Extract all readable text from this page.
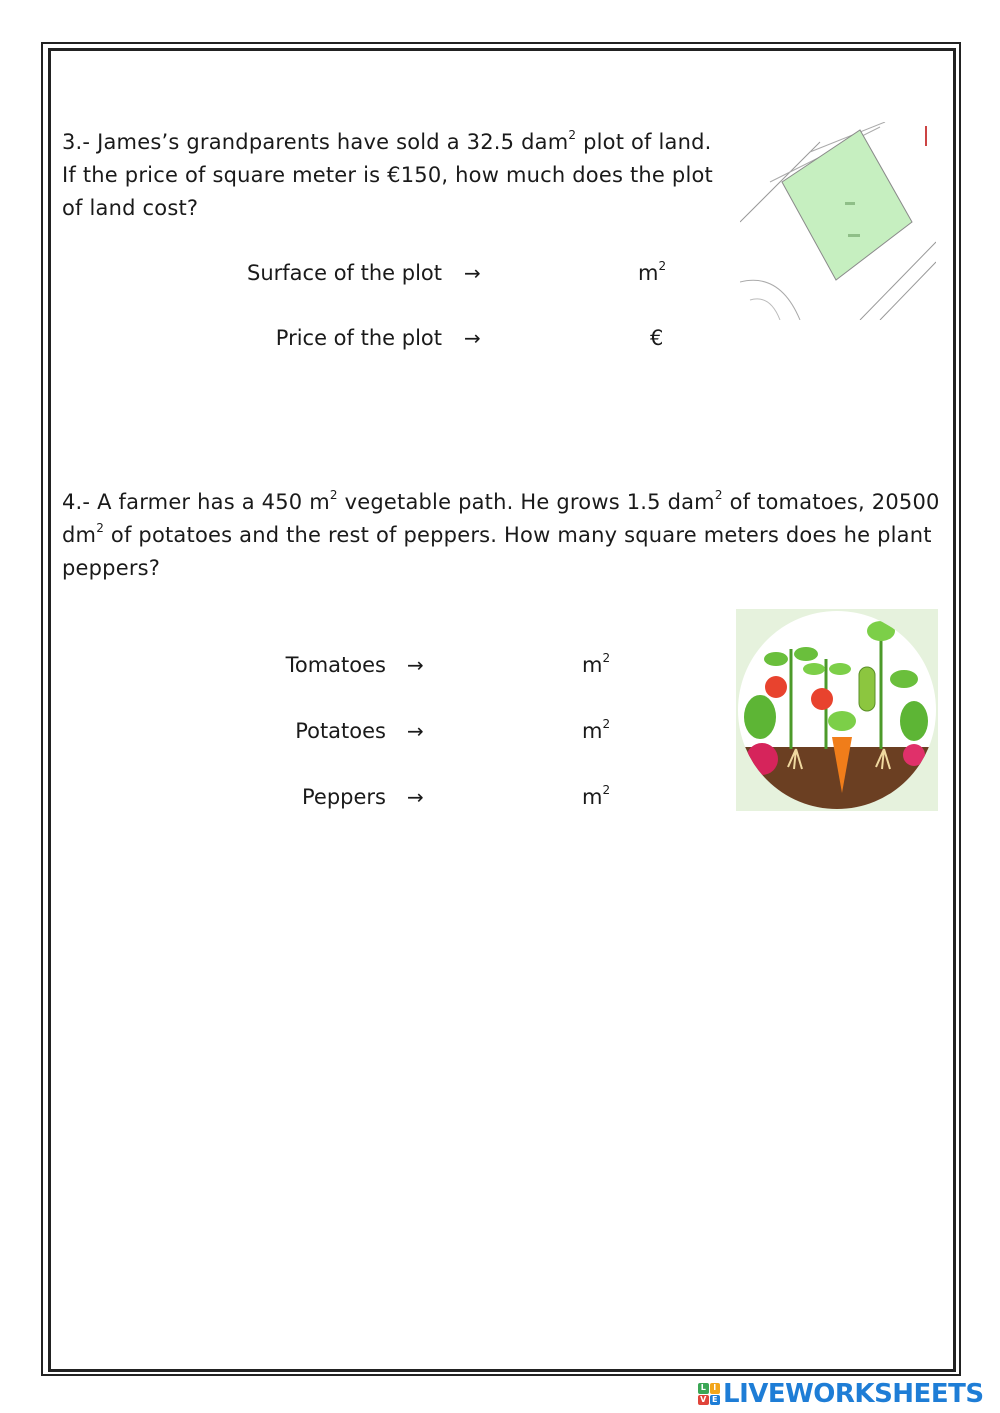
3.- James’s grandparents have sold a 32.5 dam$^2$ plot of land. If the price of square meter is €150, how much does the plot of land cost?
Surface of the plot →	$m^2$
Price of the plot →	€
4.- A farmer has a 450 $m^2$ vegetable path. He grows 1.5 dam$^2$ of tomatoes, 20500 $dm^2$ of potatoes and the rest of peppers. How many square meters does he plant peppers?
Tomatoes →	$m^2$
Potatoes →	$m^2$
Peppers →	$m^2$
L I
V E LIVEWORKSHEETS
